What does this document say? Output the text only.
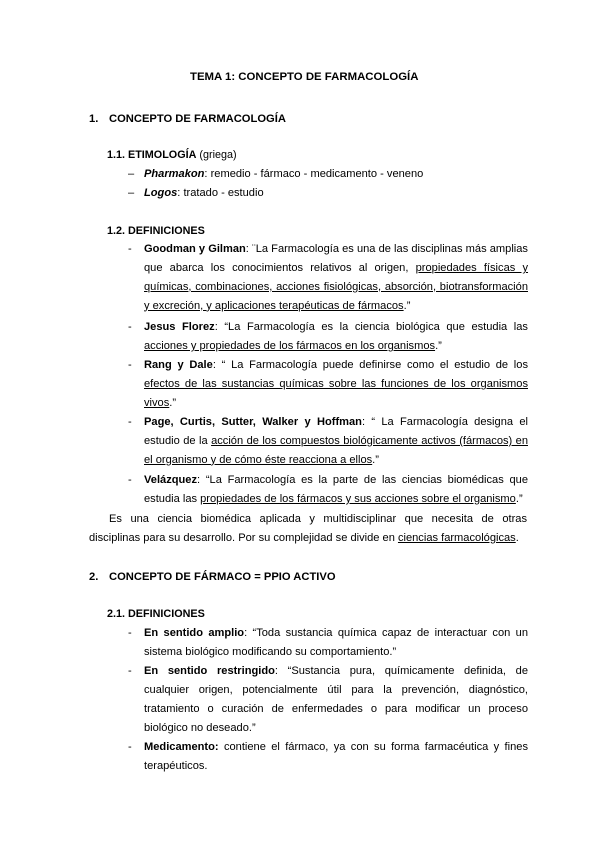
TEMA 1: CONCEPTO DE FARMACOLOGÍA
1. CONCEPTO DE FARMACOLOGÍA
1.1. ETIMOLOGÍA (griega)
– Pharmakon: remedio - fármaco - medicamento - veneno
– Logos: tratado - estudio
1.2. DEFINICIONES
- Goodman y Gilman: ¨La Farmacología es una de las disciplinas más amplias que abarca los conocimientos relativos al origen, propiedades físicas y químicas, combinaciones, acciones fisiológicas, absorción, biotransformación y excreción, y aplicaciones terapéuticas de fármacos.”
- Jesus Florez: “La Farmacología es la ciencia biológica que estudia las acciones y propiedades de los fármacos en los organismos.”
- Rang y Dale: “ La Farmacología puede definirse como el estudio de los efectos de las sustancias químicas sobre las funciones de los organismos vivos.”
- Page, Curtis, Sutter, Walker y Hoffman: “ La Farmacología designa el estudio de la acción de los compuestos biológicamente activos (fármacos) en el organismo y de cómo éste reacciona a ellos.”
- Velázquez: “La Farmacología es la parte de las ciencias biomédicas que estudia las propiedades de los fármacos y sus acciones sobre el organismo.”
Es una ciencia biomédica aplicada y multidisciplinar que necesita de otras disciplinas para su desarrollo. Por su complejidad se divide en ciencias farmacológicas.
2. CONCEPTO DE FÁRMACO = PPIO ACTIVO
2.1. DEFINICIONES
- En sentido amplio: “Toda sustancia química capaz de interactuar con un sistema biológico modificando su comportamiento.”
- En sentido restringido: “Sustancia pura, químicamente definida, de cualquier origen, potencialmente útil para la prevención, diagnóstico, tratamiento o curación de enfermedades o para modificar un proceso biológico no deseado.”
- Medicamento: contiene el fármaco, ya con su forma farmacéutica y fines terapéuticos.
